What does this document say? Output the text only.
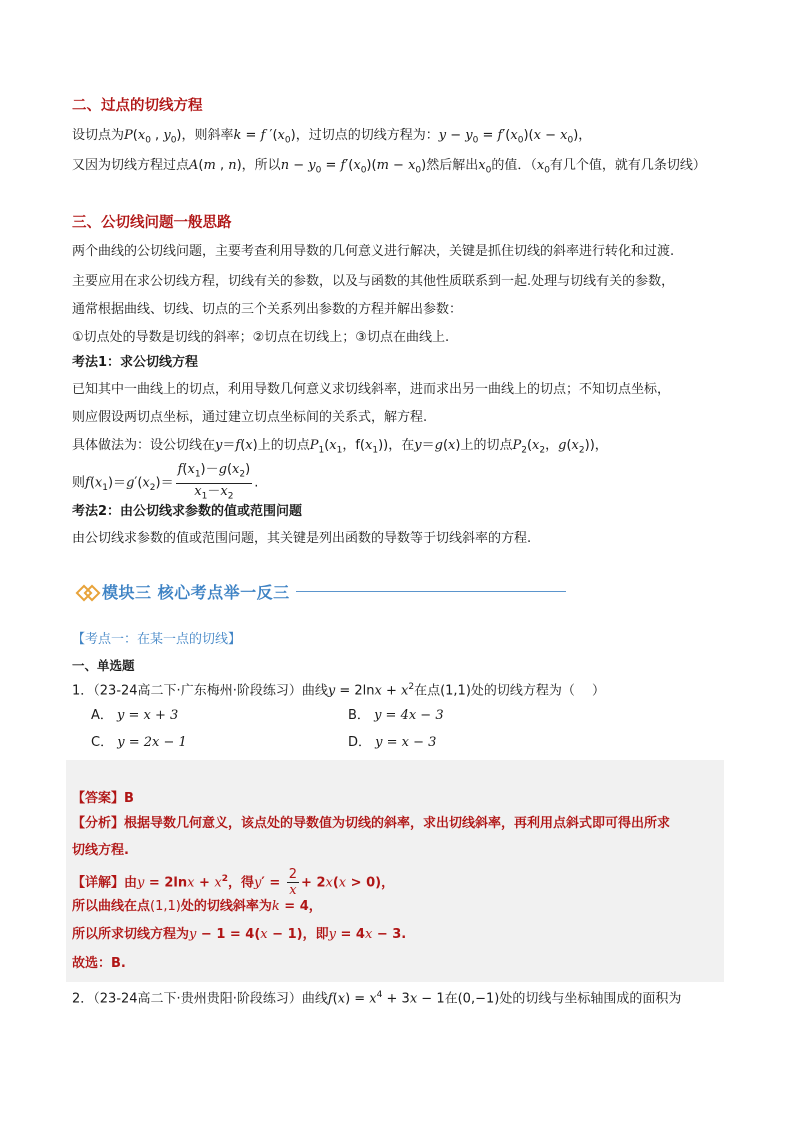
二、过点的切线方程
设切点为$P(x_0$ , $y_0$)，则斜率k = f $'(x_0)$，过切点的切线方程为：$y - y_0 = f'(x_0)(x - x_0)$，
又因为切线方程过点A(m , n)，所以$n - y_0 = f'(x_0)(m - x_0)$然后解出$x_0$的值．（$x_0$有几个值，就有几条切线）
三、公切线问题一般思路
两个曲线的公切线问题，主要考查利用导数的几何意义进行解决，关键是抓住切线的斜率进行转化和过渡.
主要应用在求公切线方程，切线有关的参数，以及与函数的其他性质联系到一起.处理与切线有关的参数，
通常根据曲线、切线、切点的三个关系列出参数的方程并解出参数：
①切点处的导数是切线的斜率；②切点在切线上；③切点在曲线上.
考法1：求公切线方程
已知其中一曲线上的切点，利用导数几何意义求切线斜率，进而求出另一曲线上的切点；不知切点坐标，
则应假设两切点坐标，通过建立切点坐标间的关系式，解方程.
具体做法为：设公切线在y＝f(x)上的切点$P_1(x_1$，$f(x_1)$)，在y＝g(x)上的切点$P_2(x_2$，$g(x_2)$)，
则$f(x_1)=g'(x_2)= \frac{f(x_1)-g(x_2)}{x_1-x_2}$ .
考法2：由公切线求参数的值或范围问题
由公切线求参数的值或范围问题，其关键是列出函数的导数等于切线斜率的方程.
模块三 核心考点举一反三
【考点一：在某一点的切线】
一、单选题
1．（23-24高二下·广东梅州·阶段练习）曲线$y = 2\ln x + x^2$在点(1,1)处的切线方程为（　 ）
A． y = x + 3	B． y = 4x − 3
C． y = 2x − 1	D． y = x − 3
【答案】B
【分析】根据导数几何意义，该点处的导数值为切线的斜率，求出切线斜率，再利用点斜式即可得出所求
切线方程.
【详解】由$y = 2\ln x + x^2$，得$y' = \frac{2}{x} + 2x(x > 0)$，
所以曲线在点(1,1)处的切线斜率为k = 4，
所以所求切线方程为y − 1 = 4(x − 1)，即y = 4x − 3.
故选：B.
2．（23-24高二下·贵州贵阳·阶段练习）曲线$f(x) = x^4 + 3x - 1$在(0,−1)处的切线与坐标轴围成的面积为
